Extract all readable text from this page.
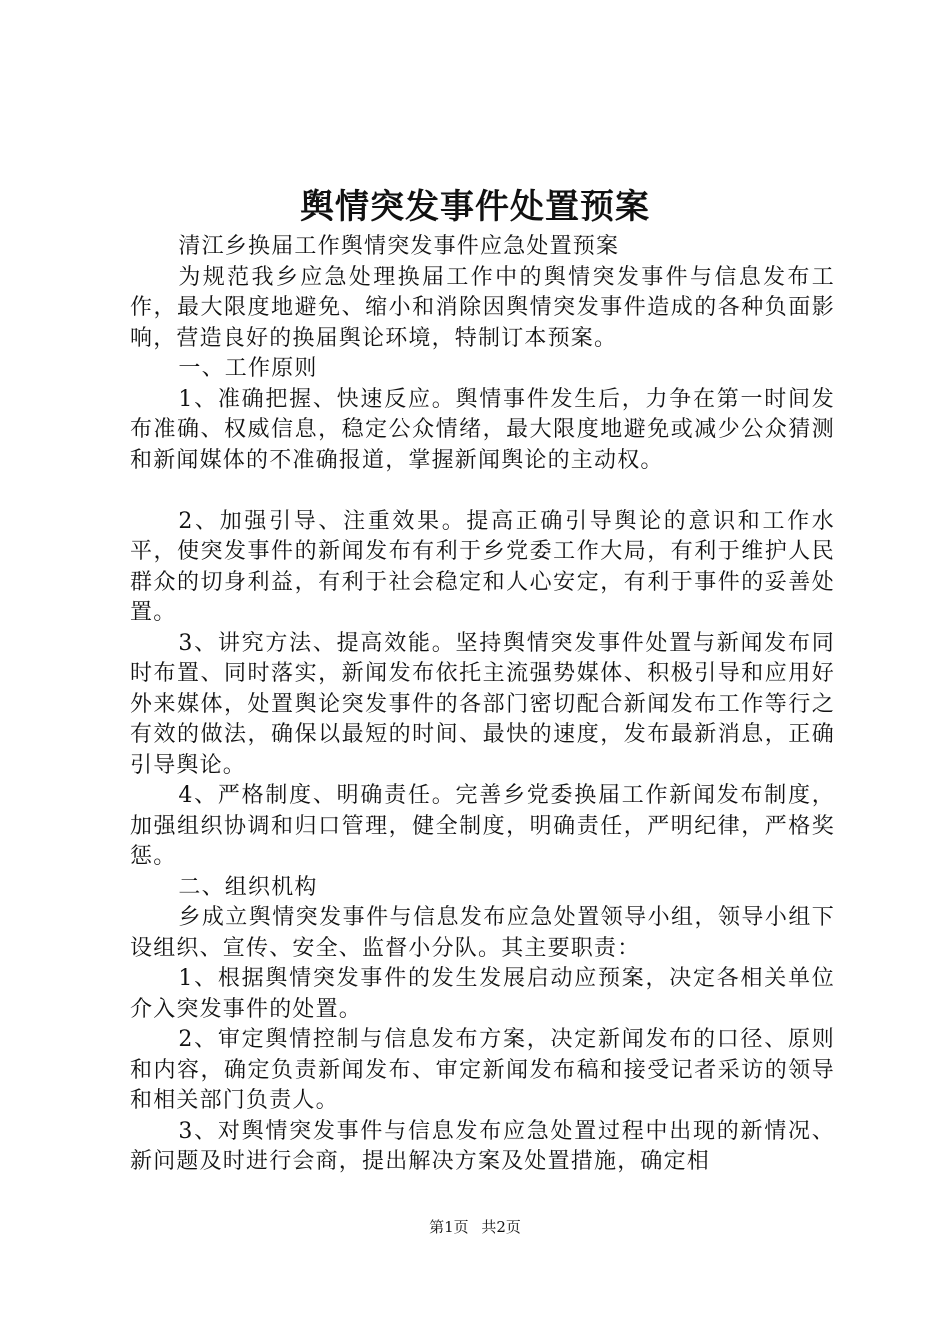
舆情突发事件处置预案

清江乡换届工作舆情突发事件应急处置预案

为规范我乡应急处理换届工作中的舆情突发事件与信息发布工作，最大限度地避免、缩小和消除因舆情突发事件造成的各种负面影响，营造良好的换届舆论环境，特制订本预案。

一、工作原则

1、准确把握、快速反应。舆情事件发生后，力争在第一时间发布准确、权威信息，稳定公众情绪，最大限度地避免或减少公众猜测和新闻媒体的不准确报道，掌握新闻舆论的主动权。

2、加强引导、注重效果。提高正确引导舆论的意识和工作水平，使突发事件的新闻发布有利于乡党委工作大局，有利于维护人民群众的切身利益，有利于社会稳定和人心安定，有利于事件的妥善处置。

3、讲究方法、提高效能。坚持舆情突发事件处置与新闻发布同时布置、同时落实，新闻发布依托主流强势媒体、积极引导和应用好外来媒体，处置舆论突发事件的各部门密切配合新闻发布工作等行之有效的做法，确保以最短的时间、最快的速度，发布最新消息，正确引导舆论。

4、严格制度、明确责任。完善乡党委换届工作新闻发布制度，加强组织协调和归口管理，健全制度，明确责任，严明纪律，严格奖惩。

二、组织机构

乡成立舆情突发事件与信息发布应急处置领导小组，领导小组下设组织、宣传、安全、监督小分队。其主要职责：

1、根据舆情突发事件的发生发展启动应预案，决定各相关单位介入突发事件的处置。

2、审定舆情控制与信息发布方案，决定新闻发布的口径、原则和内容，确定负责新闻发布、审定新闻发布稿和接受记者采访的领导和相关部门负责人。

3、对舆情突发事件与信息发布应急处置过程中出现的新情况、新问题及时进行会商，提出解决方案及处置措施，确定相

第1页 共2页
